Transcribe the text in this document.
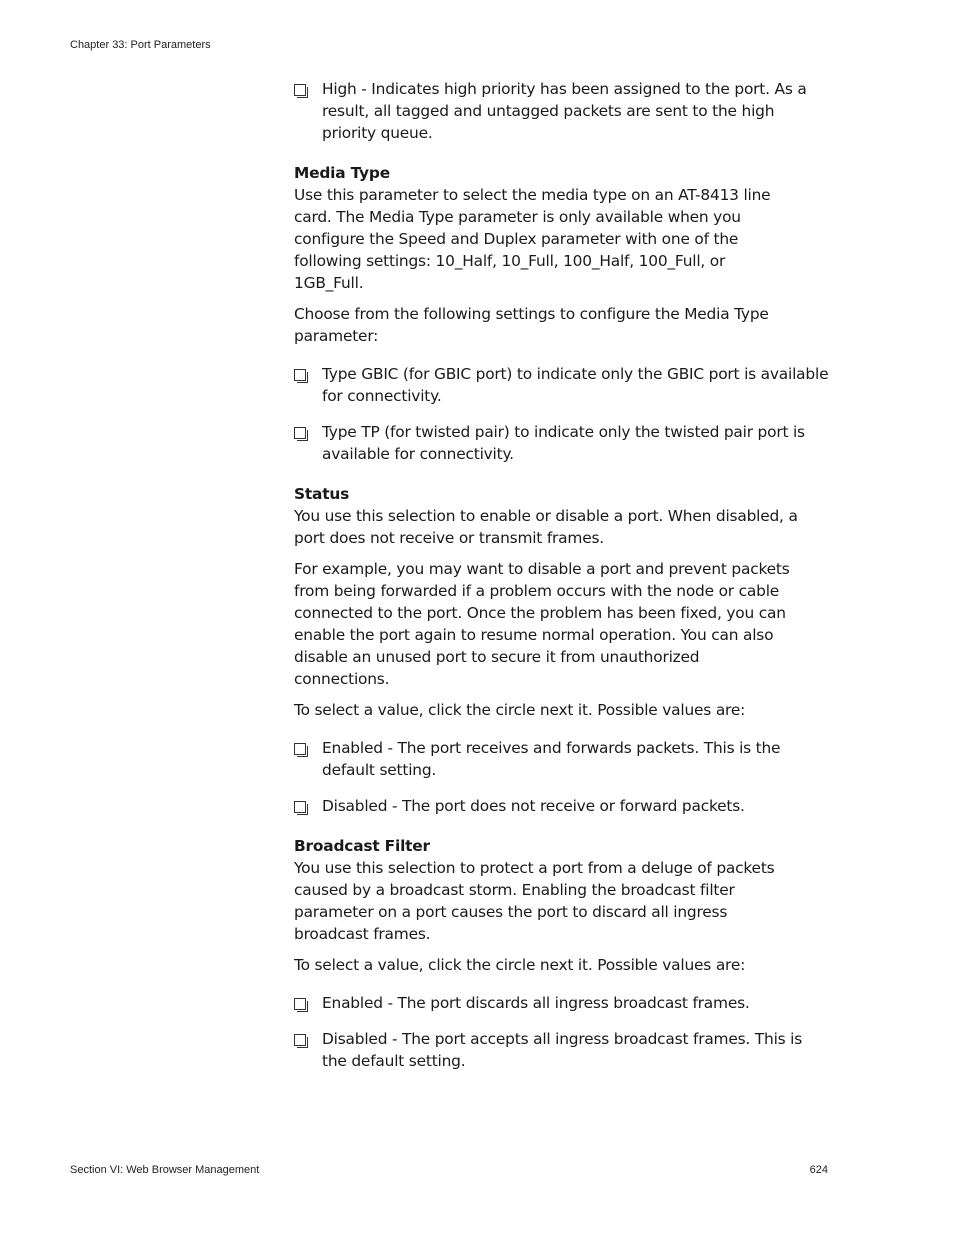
Chapter 33: Port Parameters
High - Indicates high priority has been assigned to the port. As a result, all tagged and untagged packets are sent to the high priority queue.
Media Type
Use this parameter to select the media type on an AT-8413 line card. The Media Type parameter is only available when you configure the Speed and Duplex parameter with one of the following settings: 10_Half, 10_Full, 100_Half, 100_Full, or 1GB_Full.
Choose from the following settings to configure the Media Type parameter:
Type GBIC (for GBIC port) to indicate only the GBIC port is available for connectivity.
Type TP (for twisted pair) to indicate only the twisted pair port is available for connectivity.
Status
You use this selection to enable or disable a port. When disabled, a port does not receive or transmit frames.
For example, you may want to disable a port and prevent packets from being forwarded if a problem occurs with the node or cable connected to the port. Once the problem has been fixed, you can enable the port again to resume normal operation. You can also disable an unused port to secure it from unauthorized connections.
To select a value, click the circle next it. Possible values are:
Enabled - The port receives and forwards packets. This is the default setting.
Disabled - The port does not receive or forward packets.
Broadcast Filter
You use this selection to protect a port from a deluge of packets caused by a broadcast storm. Enabling the broadcast filter parameter on a port causes the port to discard all ingress broadcast frames.
To select a value, click the circle next it. Possible values are:
Enabled - The port discards all ingress broadcast frames.
Disabled - The port accepts all ingress broadcast frames. This is the default setting.
Section VI: Web Browser Management	624
